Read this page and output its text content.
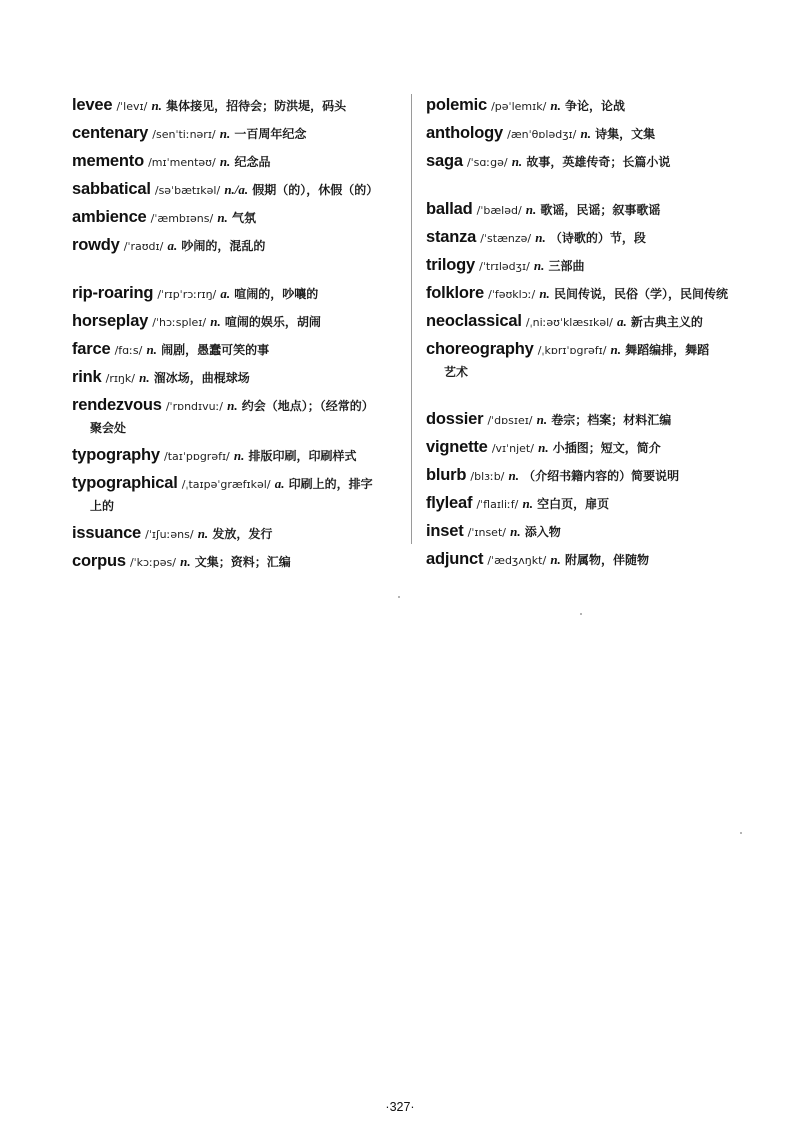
levee /ˈlevɪ/ n. 集体接见，招待会；防洪堤，码头
centenary /senˈtiːnərɪ/ n. 一百周年纪念
memento /mɪˈmentəʊ/ n. 纪念品
sabbatical /səˈbætɪkəl/ n./a. 假期（的），休假（的）
ambience /ˈæmbɪəns/ n. 气氛
rowdy /ˈraʊdɪ/ a. 吵闹的，混乱的
rip-roaring /ˈrɪpˈrɔːrɪŋ/ a. 喧闹的，吵嚷的
horseplay /ˈhɔːspleɪ/ n. 喧闹的娱乐，胡闹
farce /fɑːs/ n. 闹剧，愚蠢可笑的事
rink /rɪŋk/ n. 溜冰场，曲棍球场
rendezvous /ˈrɒndɪvuː/ n. 约会（地点）；（经常的）
聚会处
typography /taɪˈpɒgrəfɪ/ n. 排版印刷，印刷样式
typographical /ˌtaɪpəˈgræfɪkəl/ a. 印刷上的，排字
上的
issuance /ˈɪʃuːəns/ n. 发放，发行
corpus /ˈkɔːpəs/ n. 文集；资料；汇编
polemic /pəˈlemɪk/ n. 争论，论战
anthology /ænˈθɒlədʒɪ/ n. 诗集，文集
saga /ˈsɑːgə/ n. 故事，英雄传奇；长篇小说
ballad /ˈbæləd/ n. 歌谣，民谣；叙事歌谣
stanza /ˈstænzə/ n. （诗歌的）节，段
trilogy /ˈtrɪlədʒɪ/ n. 三部曲
folklore /ˈfəʊklɔː/ n. 民间传说，民俗（学），民间传统
neoclassical /ˌniːəʊˈklæsɪkəl/ a. 新古典主义的
choreography /ˌkɒrɪˈɒgrəfɪ/ n. 舞蹈编排，舞蹈
艺术
dossier /ˈdɒsɪeɪ/ n. 卷宗；档案；材料汇编
vignette /vɪˈnjet/ n. 小插图；短文，简介
blurb /blɜːb/ n. （介绍书籍内容的）简要说明
flyleaf /ˈflaɪliːf/ n. 空白页，扉页
inset /ˈɪnset/ n. 添入物
adjunct /ˈædʒʌŋkt/ n. 附属物，伴随物
·327·
